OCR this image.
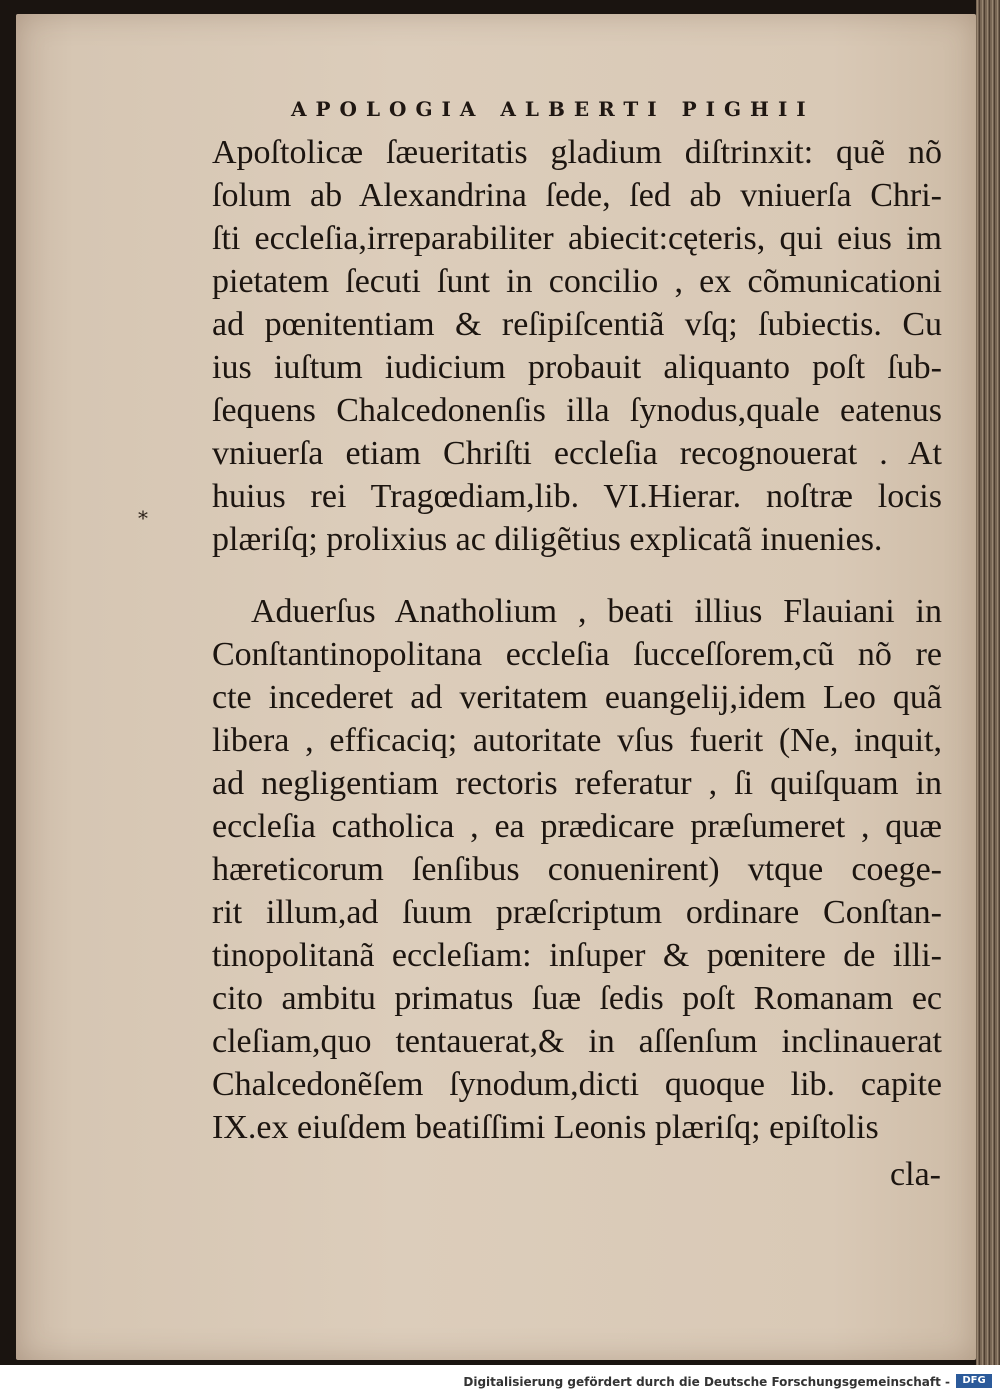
APOLOGIA ALBERTI PIGHII
*
Apoſtolicæ ſæueritatis gladium diſtrinxit: quẽ nõ
ſolum ab Alexandrina ſede, ſed ab vniuerſa Chri-
ſti eccleſia,irreparabiliter abiecit:cęteris, qui eius im
pietatem ſecuti ſunt in concilio , ex cõmunicationi
ad pœnitentiam & reſipiſcentiã vſq; ſubiectis. Cu
ius iuſtum iudicium probauit aliquanto poſt ſub-
ſequens Chalcedonenſis illa ſynodus,quale eatenus
vniuerſa etiam Chriſti eccleſia recognouerat . At
huius rei Tragœdiam,lib. VI.Hierar. noſtræ locis
plæriſq; prolixius ac diligẽtius explicatã inuenies.
Aduerſus Anatholium , beati illius Flauiani in
Conſtantinopolitana eccleſia ſucceſſorem,cũ nõ re
cte incederet ad veritatem euangelij,idem Leo quã
libera , efficaciq; autoritate vſus fuerit (Ne, inquit,
ad negligentiam rectoris referatur , ſi quiſquam in
eccleſia catholica , ea prædicare præſumeret , quæ
hæreticorum ſenſibus conuenirent) vtque coege-
rit illum,ad ſuum præſcriptum ordinare Conſtan-
tinopolitanã eccleſiam: inſuper & pœnitere de illi-
cito ambitu primatus ſuæ ſedis poſt Romanam ec
cleſiam,quo tentauerat,& in aſſenſum inclinauerat
Chalcedonẽſem ſynodum,dicti quoque lib. capite
IX.ex eiuſdem beatiſſimi Leonis plæriſq; epiſtolis
cla-
Digitalisierung gefördert durch die Deutsche Forschungsgemeinschaft -	DFG
